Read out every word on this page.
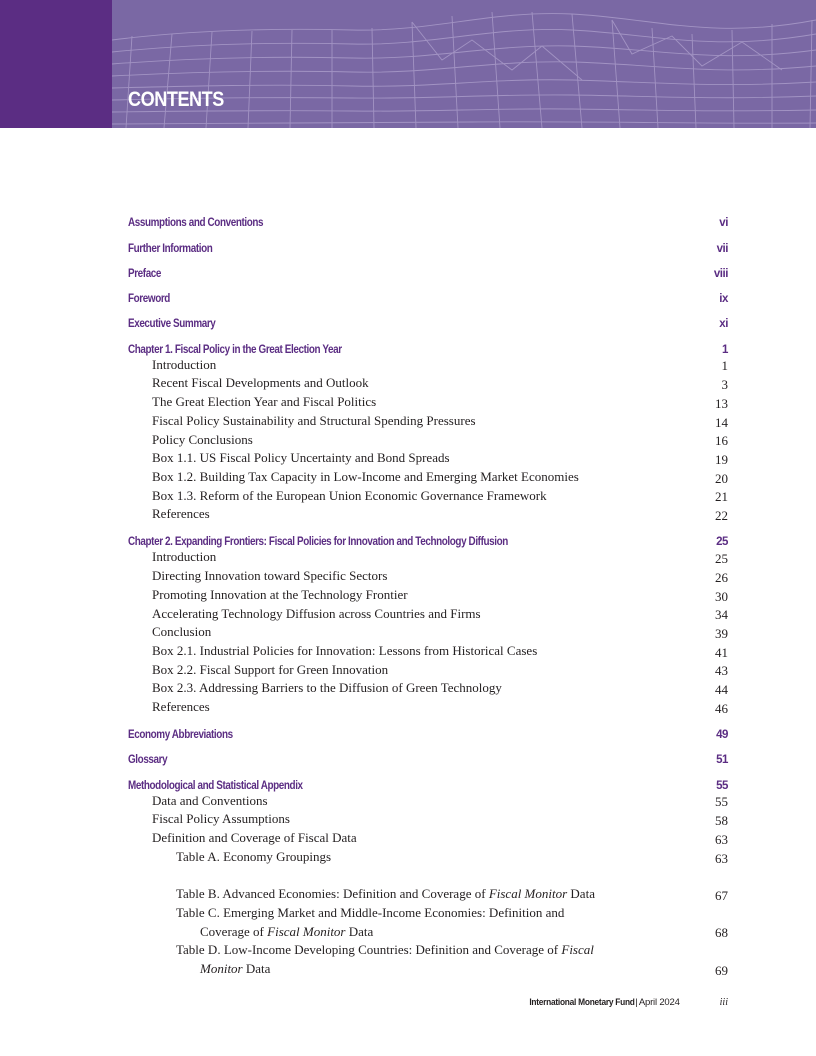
CONTENTS
Assumptions and Conventions	vi
Further Information	vii
Preface	viii
Foreword	ix
Executive Summary	xi
Chapter 1. Fiscal Policy in the Great Election Year	1
Introduction	1
Recent Fiscal Developments and Outlook	3
The Great Election Year and Fiscal Politics	13
Fiscal Policy Sustainability and Structural Spending Pressures	14
Policy Conclusions	16
Box 1.1. US Fiscal Policy Uncertainty and Bond Spreads	19
Box 1.2. Building Tax Capacity in Low-Income and Emerging Market Economies	20
Box 1.3. Reform of the European Union Economic Governance Framework	21
References	22
Chapter 2. Expanding Frontiers: Fiscal Policies for Innovation and Technology Diffusion	25
Introduction	25
Directing Innovation toward Specific Sectors	26
Promoting Innovation at the Technology Frontier	30
Accelerating Technology Diffusion across Countries and Firms	34
Conclusion	39
Box 2.1. Industrial Policies for Innovation: Lessons from Historical Cases	41
Box 2.2. Fiscal Support for Green Innovation	43
Box 2.3. Addressing Barriers to the Diffusion of Green Technology	44
References	46
Economy Abbreviations	49
Glossary	51
Methodological and Statistical Appendix	55
Data and Conventions	55
Fiscal Policy Assumptions	58
Definition and Coverage of Fiscal Data	63
Table A. Economy Groupings	63
Table B. Advanced Economies: Definition and Coverage of Fiscal Monitor Data	67
Table C. Emerging Market and Middle-Income Economies: Definition and Coverage of Fiscal Monitor Data	68
Table D. Low-Income Developing Countries: Definition and Coverage of Fiscal Monitor Data	69
International Monetary Fund | April 2024	iii
